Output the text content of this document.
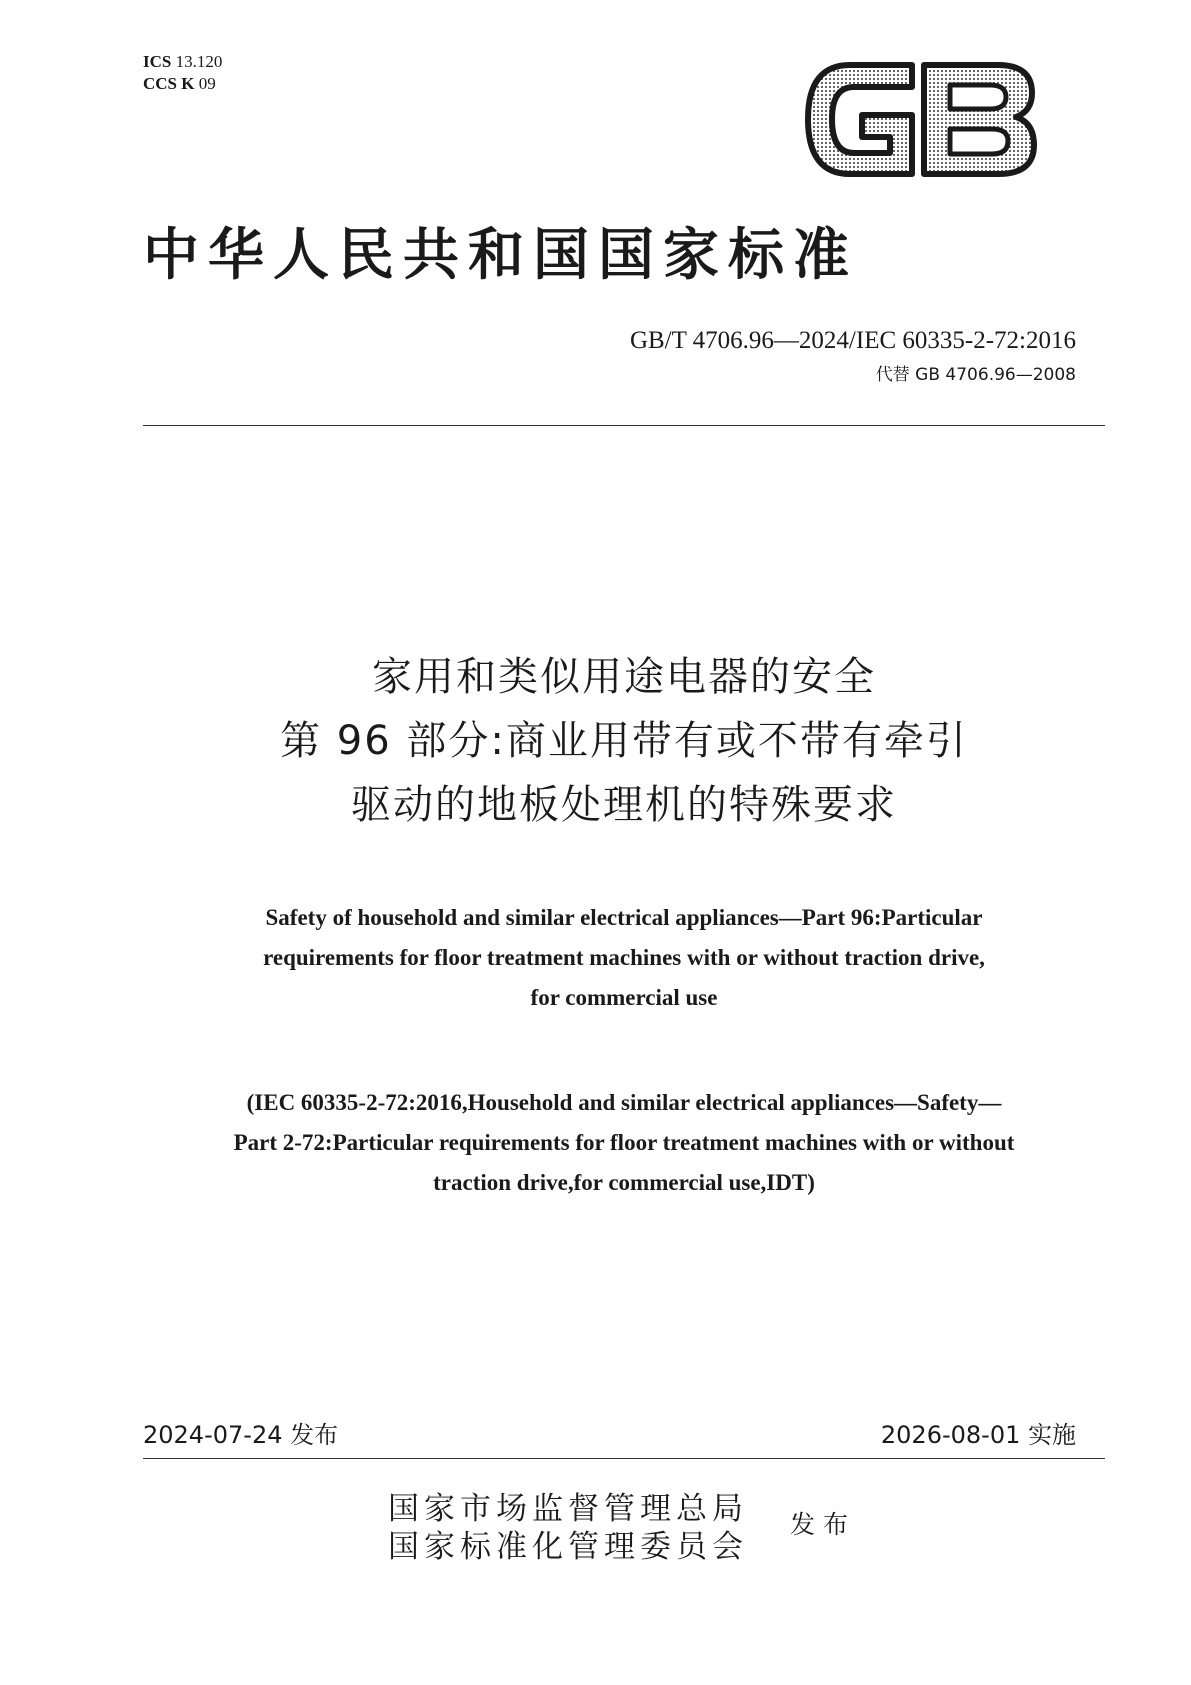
ICS 13.120
CCS K 09
中华人民共和国国家标准
GB/T 4706.96—2024/IEC 60335-2-72:2016
代替 GB 4706.96—2008
家用和类似用途电器的安全
第 96 部分:商业用带有或不带有牵引
驱动的地板处理机的特殊要求
Safety of household and similar electrical appliances—Part 96:Particular
requirements for floor treatment machines with or without traction drive,
for commercial use
(IEC 60335-2-72:2016,Household and similar electrical appliances—Safety—
Part 2-72:Particular requirements for floor treatment machines with or without
traction drive,for commercial use,IDT)
2024-07-24 发布	2026-08-01 实施
国家市场监督管理总局
国家标准化管理委员会
发布
